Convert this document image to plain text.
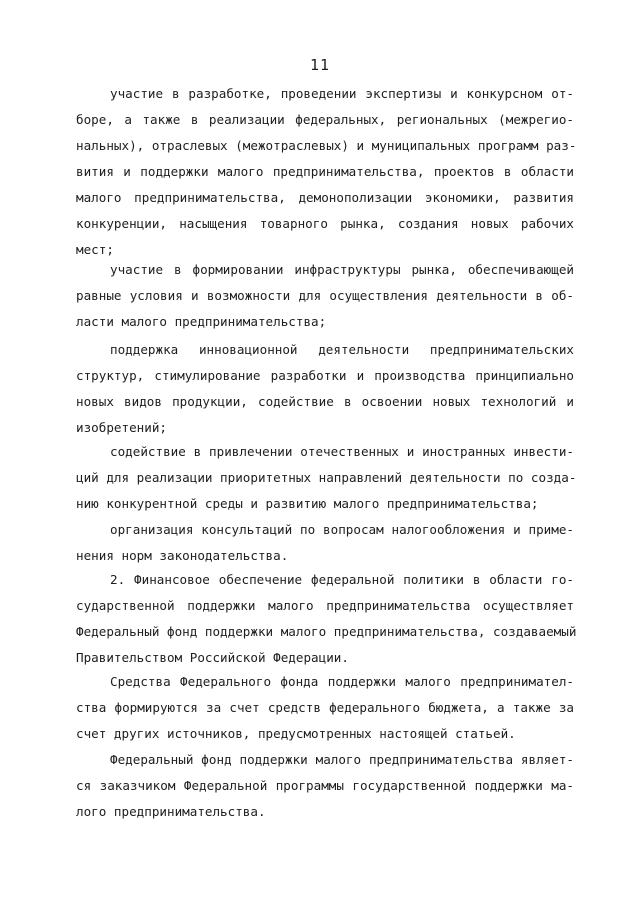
11
участие в разработке, проведении экспертизы и конкурсном от-
боре, а также в реализации федеральных, региональных (межрегио-
нальных), отраслевых (межотраслевых) и муниципальных программ раз-
вития и поддержки малого предпринимательства, проектов в области
малого предпринимательства, демонополизации экономики, развития
конкуренции, насыщения товарного рынка, создания новых рабочих
мест;
участие в формировании инфраструктуры рынка, обеспечивающей
равные условия и возможности для осуществления деятельности в об-
ласти малого предпринимательства;
поддержка инновационной деятельности предпринимательских
структур, стимулирование разработки и производства принципиально
новых видов продукции, содействие в освоении новых технологий и
изобретений;
содействие в привлечении отечественных и иностранных инвести-
ций для реализации приоритетных направлений деятельности по созда-
нию конкурентной среды и развитию малого предпринимательства;
организация консультаций по вопросам налогообложения и приме-
нения норм законодательства.
2. Финансовое обеспечение федеральной политики в области го-
сударственной поддержки малого предпринимательства осуществляет
Федеральный фонд поддержки малого предпринимательства, создаваемый
Правительством Российской Федерации.
Средства Федерального фонда поддержки малого предпринимател-
ства формируются за счет средств федерального бюджета, а также за
счет других источников, предусмотренных настоящей статьей.
Федеральный фонд поддержки малого предпринимательства являет-
ся заказчиком Федеральной программы государственной поддержки ма-
лого предпринимательства.
